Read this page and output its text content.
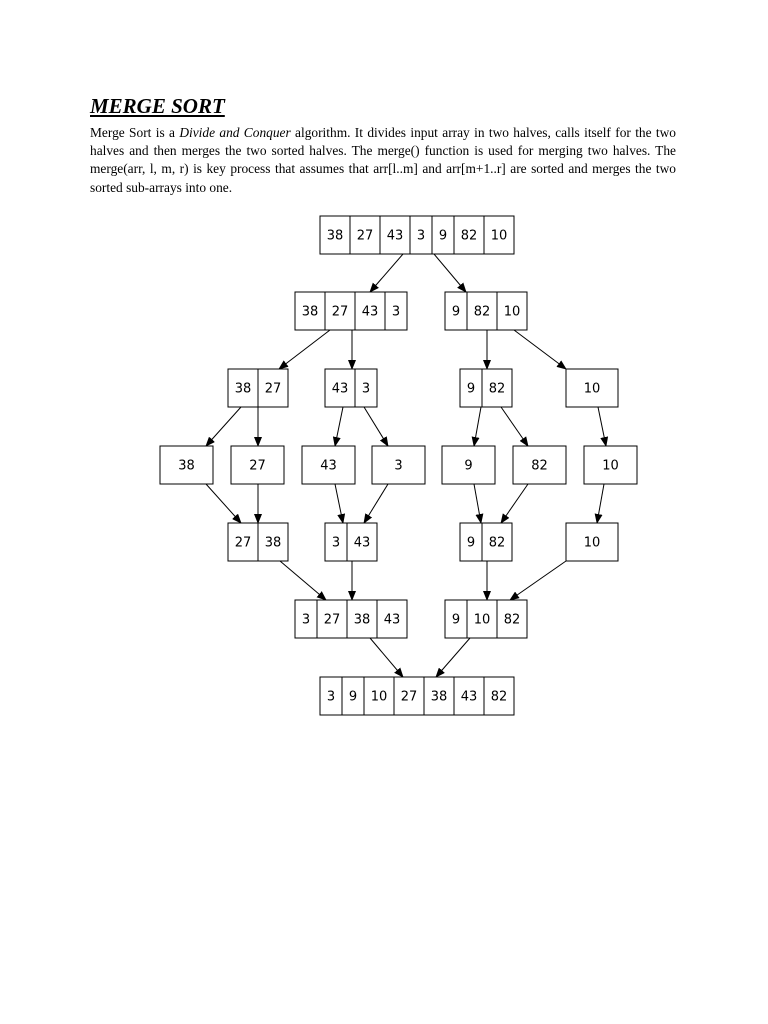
MERGE SORT

Merge Sort is a Divide and Conquer algorithm. It divides input array in two halves, calls itself for the two halves and then merges the two sorted halves. The merge() function is used for merging two halves. The merge(arr, l, m, r) is key process that assumes that arr[l..m] and arr[m+1..r] are sorted and merges the two sorted sub-arrays into one.

38 27 43 3 9 82 10
38 27 43 3	9 82 10
38 27	43 3	9 82	10
38	27	43	3	9	82	10
27 38	3 43	9 82	10
3 27 38 43	9 10 82
3 9 10 27 38 43 82
